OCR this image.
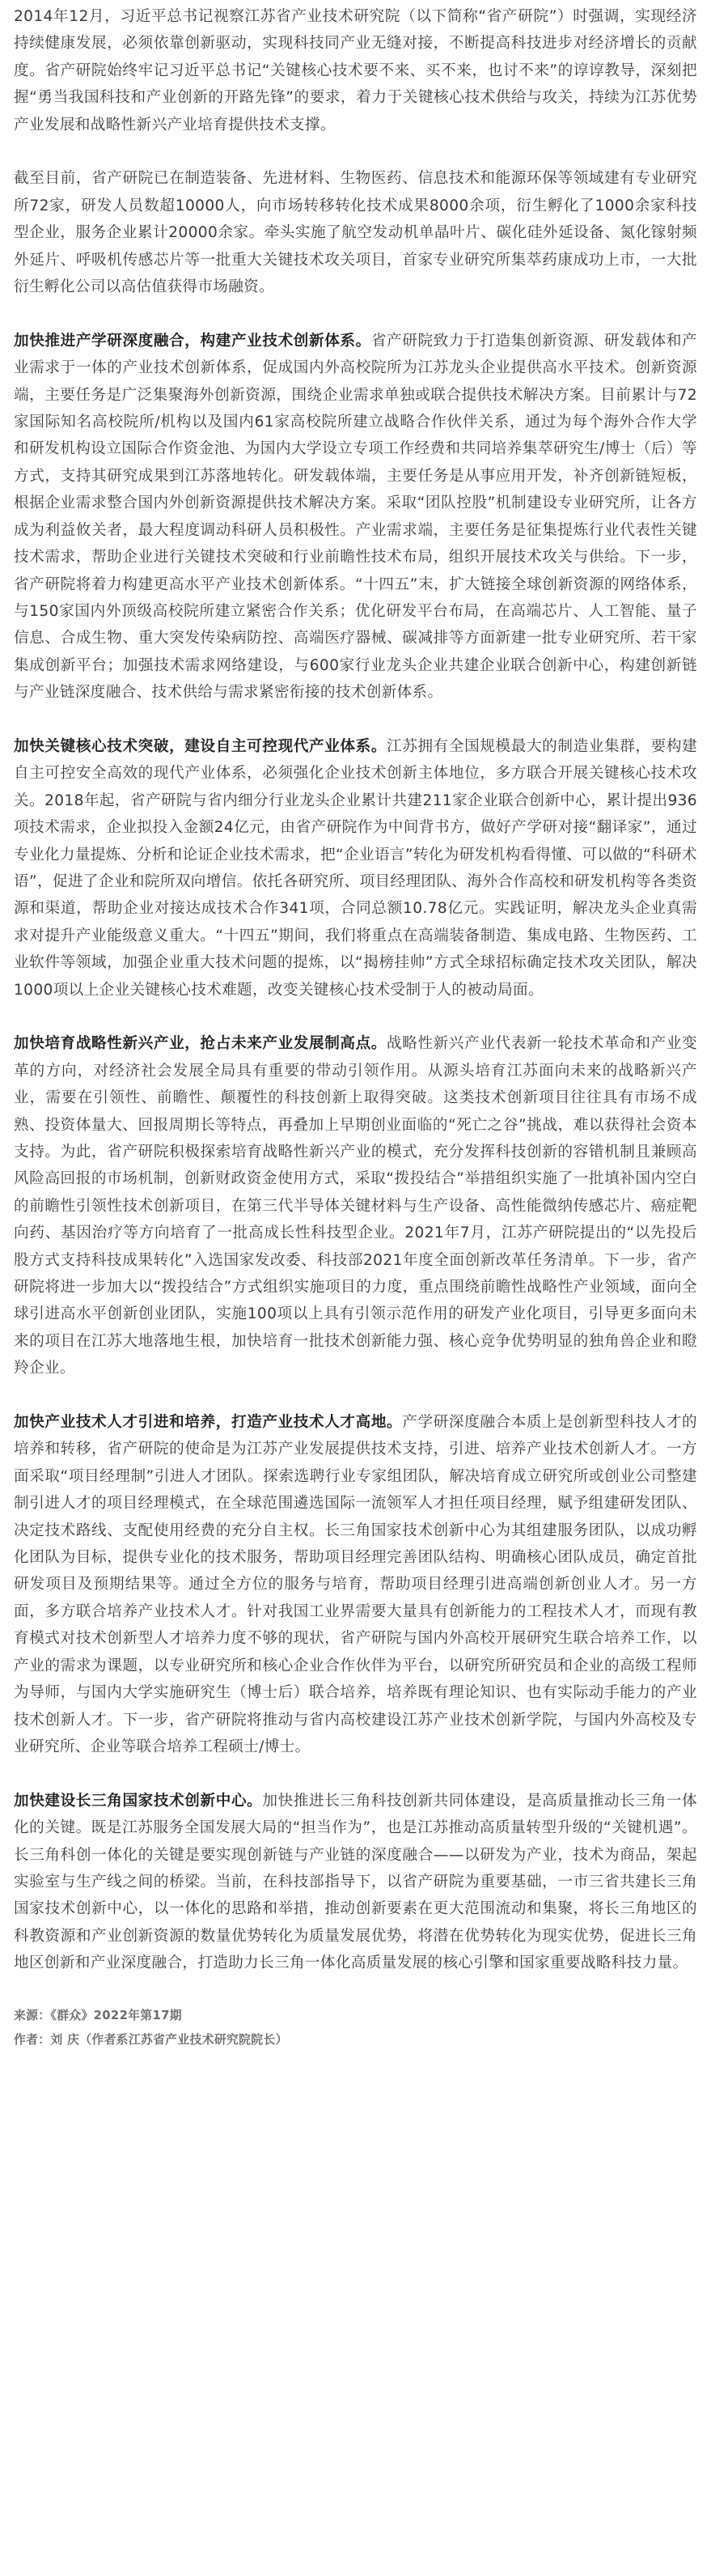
2014年12月，习近平总书记视察江苏省产业技术研究院（以下简称“省产研院”）时强调，实现经济持续健康发展，必须依靠创新驱动，实现科技同产业无缝对接，不断提高科技进步对经济增长的贡献度。省产研院始终牢记习近平总书记“关键核心技术要不来、买不来，也讨不来”的谆谆教导，深刻把握“勇当我国科技和产业创新的开路先锋”的要求，着力于关键核心技术供给与攻关，持续为江苏优势产业发展和战略性新兴产业培育提供技术支撑。

截至目前，省产研院已在制造装备、先进材料、生物医药、信息技术和能源环保等领域建有专业研究所72家，研发人员数超10000人，向市场转移转化技术成果8000余项，衍生孵化了1000余家科技型企业，服务企业累计20000余家。牵头实施了航空发动机单晶叶片、碳化硅外延设备、氮化镓射频外延片、呼吸机传感芯片等一批重大关键技术攻关项目，首家专业研究所集萃药康成功上市，一大批衍生孵化公司以高估值获得市场融资。

加快推进产学研深度融合，构建产业技术创新体系。省产研院致力于打造集创新资源、研发载体和产业需求于一体的产业技术创新体系，促成国内外高校院所为江苏龙头企业提供高水平技术。创新资源端，主要任务是广泛集聚海外创新资源，围绕企业需求单独或联合提供技术解决方案。目前累计与72家国际知名高校院所/机构以及国内61家高校院所建立战略合作伙伴关系，通过为每个海外合作大学和研发机构设立国际合作资金池、为国内大学设立专项工作经费和共同培养集萃研究生/博士（后）等方式，支持其研究成果到江苏落地转化。研发载体端，主要任务是从事应用开发，补齐创新链短板，根据企业需求整合国内外创新资源提供技术解决方案。采取“团队控股”机制建设专业研究所，让各方成为利益攸关者，最大程度调动科研人员积极性。产业需求端，主要任务是征集提炼行业代表性关键技术需求，帮助企业进行关键技术突破和行业前瞻性技术布局，组织开展技术攻关与供给。下一步，省产研院将着力构建更高水平产业技术创新体系。“十四五”末，扩大链接全球创新资源的网络体系，与150家国内外顶级高校院所建立紧密合作关系；优化研发平台布局，在高端芯片、人工智能、量子信息、合成生物、重大突发传染病防控、高端医疗器械、碳减排等方面新建一批专业研究所、若干家集成创新平台；加强技术需求网络建设，与600家行业龙头企业共建企业联合创新中心，构建创新链与产业链深度融合、技术供给与需求紧密衔接的技术创新体系。

加快关键核心技术突破，建设自主可控现代产业体系。江苏拥有全国规模最大的制造业集群，要构建自主可控安全高效的现代产业体系，必须强化企业技术创新主体地位，多方联合开展关键核心技术攻关。2018年起，省产研院与省内细分行业龙头企业累计共建211家企业联合创新中心，累计提出936项技术需求，企业拟投入金额24亿元，由省产研院作为中间背书方，做好产学研对接“翻译家”，通过专业化力量提炼、分析和论证企业技术需求，把“企业语言”转化为研发机构看得懂、可以做的“科研术语”，促进了企业和院所双向增信。依托各研究所、项目经理团队、海外合作高校和研发机构等各类资源和渠道，帮助企业对接达成技术合作341项，合同总额10.78亿元。实践证明，解决龙头企业真需求对提升产业能级意义重大。“十四五”期间，我们将重点在高端装备制造、集成电路、生物医药、工业软件等领域，加强企业重大技术问题的提炼，以“揭榜挂帅”方式全球招标确定技术攻关团队，解决1000项以上企业关键核心技术难题，改变关键核心技术受制于人的被动局面。

加快培育战略性新兴产业，抢占未来产业发展制高点。战略性新兴产业代表新一轮技术革命和产业变革的方向，对经济社会发展全局具有重要的带动引领作用。从源头培育江苏面向未来的战略新兴产业，需要在引领性、前瞻性、颠覆性的科技创新上取得突破。这类技术创新项目往往具有市场不成熟、投资体量大、回报周期长等特点，再叠加上早期创业面临的“死亡之谷”挑战，难以获得社会资本支持。为此，省产研院积极探索培育战略性新兴产业的模式，充分发挥科技创新的容错机制且兼顾高风险高回报的市场机制，创新财政资金使用方式，采取“拨投结合”举措组织实施了一批填补国内空白的前瞻性引领性技术创新项目，在第三代半导体关键材料与生产设备、高性能微纳传感芯片、癌症靶向药、基因治疗等方向培育了一批高成长性科技型企业。2021年7月，江苏产研院提出的“以先投后股方式支持科技成果转化”入选国家发改委、科技部2021年度全面创新改革任务清单。下一步，省产研院将进一步加大以“拨投结合”方式组织实施项目的力度，重点围绕前瞻性战略性产业领域，面向全球引进高水平创新创业团队，实施100项以上具有引领示范作用的研发产业化项目，引导更多面向未来的项目在江苏大地落地生根，加快培育一批技术创新能力强、核心竞争优势明显的独角兽企业和瞪羚企业。

加快产业技术人才引进和培养，打造产业技术人才高地。产学研深度融合本质上是创新型科技人才的培养和转移，省产研院的使命是为江苏产业发展提供技术支持，引进、培养产业技术创新人才。一方面采取“项目经理制”引进人才团队。探索选聘行业专家组团队，解决培育成立研究所或创业公司整建制引进人才的项目经理模式，在全球范围遴选国际一流领军人才担任项目经理，赋予组建研发团队、决定技术路线、支配使用经费的充分自主权。长三角国家技术创新中心为其组建服务团队，以成功孵化团队为目标，提供专业化的技术服务，帮助项目经理完善团队结构、明确核心团队成员，确定首批研发项目及预期结果等。通过全方位的服务与培育，帮助项目经理引进高端创新创业人才。另一方面，多方联合培养产业技术人才。针对我国工业界需要大量具有创新能力的工程技术人才，而现有教育模式对技术创新型人才培养力度不够的现状，省产研院与国内外高校开展研究生联合培养工作，以产业的需求为课题，以专业研究所和核心企业合作伙伴为平台，以研究所研究员和企业的高级工程师为导师，与国内大学实施研究生（博士后）联合培养，培养既有理论知识、也有实际动手能力的产业技术创新人才。下一步，省产研院将推动与省内高校建设江苏产业技术创新学院，与国内外高校及专业研究所、企业等联合培养工程硕士/博士。

加快建设长三角国家技术创新中心。加快推进长三角科技创新共同体建设，是高质量推动长三角一体化的关键。既是江苏服务全国发展大局的“担当作为”，也是江苏推动高质量转型升级的“关键机遇”。长三角科创一体化的关键是要实现创新链与产业链的深度融合——以研发为产业，技术为商品，架起实验室与生产线之间的桥梁。当前，在科技部指导下，以省产研院为重要基础，一市三省共建长三角国家技术创新中心，以一体化的思路和举措，推动创新要素在更大范围流动和集聚，将长三角地区的科教资源和产业创新资源的数量优势转化为质量发展优势，将潜在优势转化为现实优势，促进长三角地区创新和产业深度融合，打造助力长三角一体化高质量发展的核心引擎和国家重要战略科技力量。

来源：《群众》2022年第17期
作者：刘 庆（作者系江苏省产业技术研究院院长）
